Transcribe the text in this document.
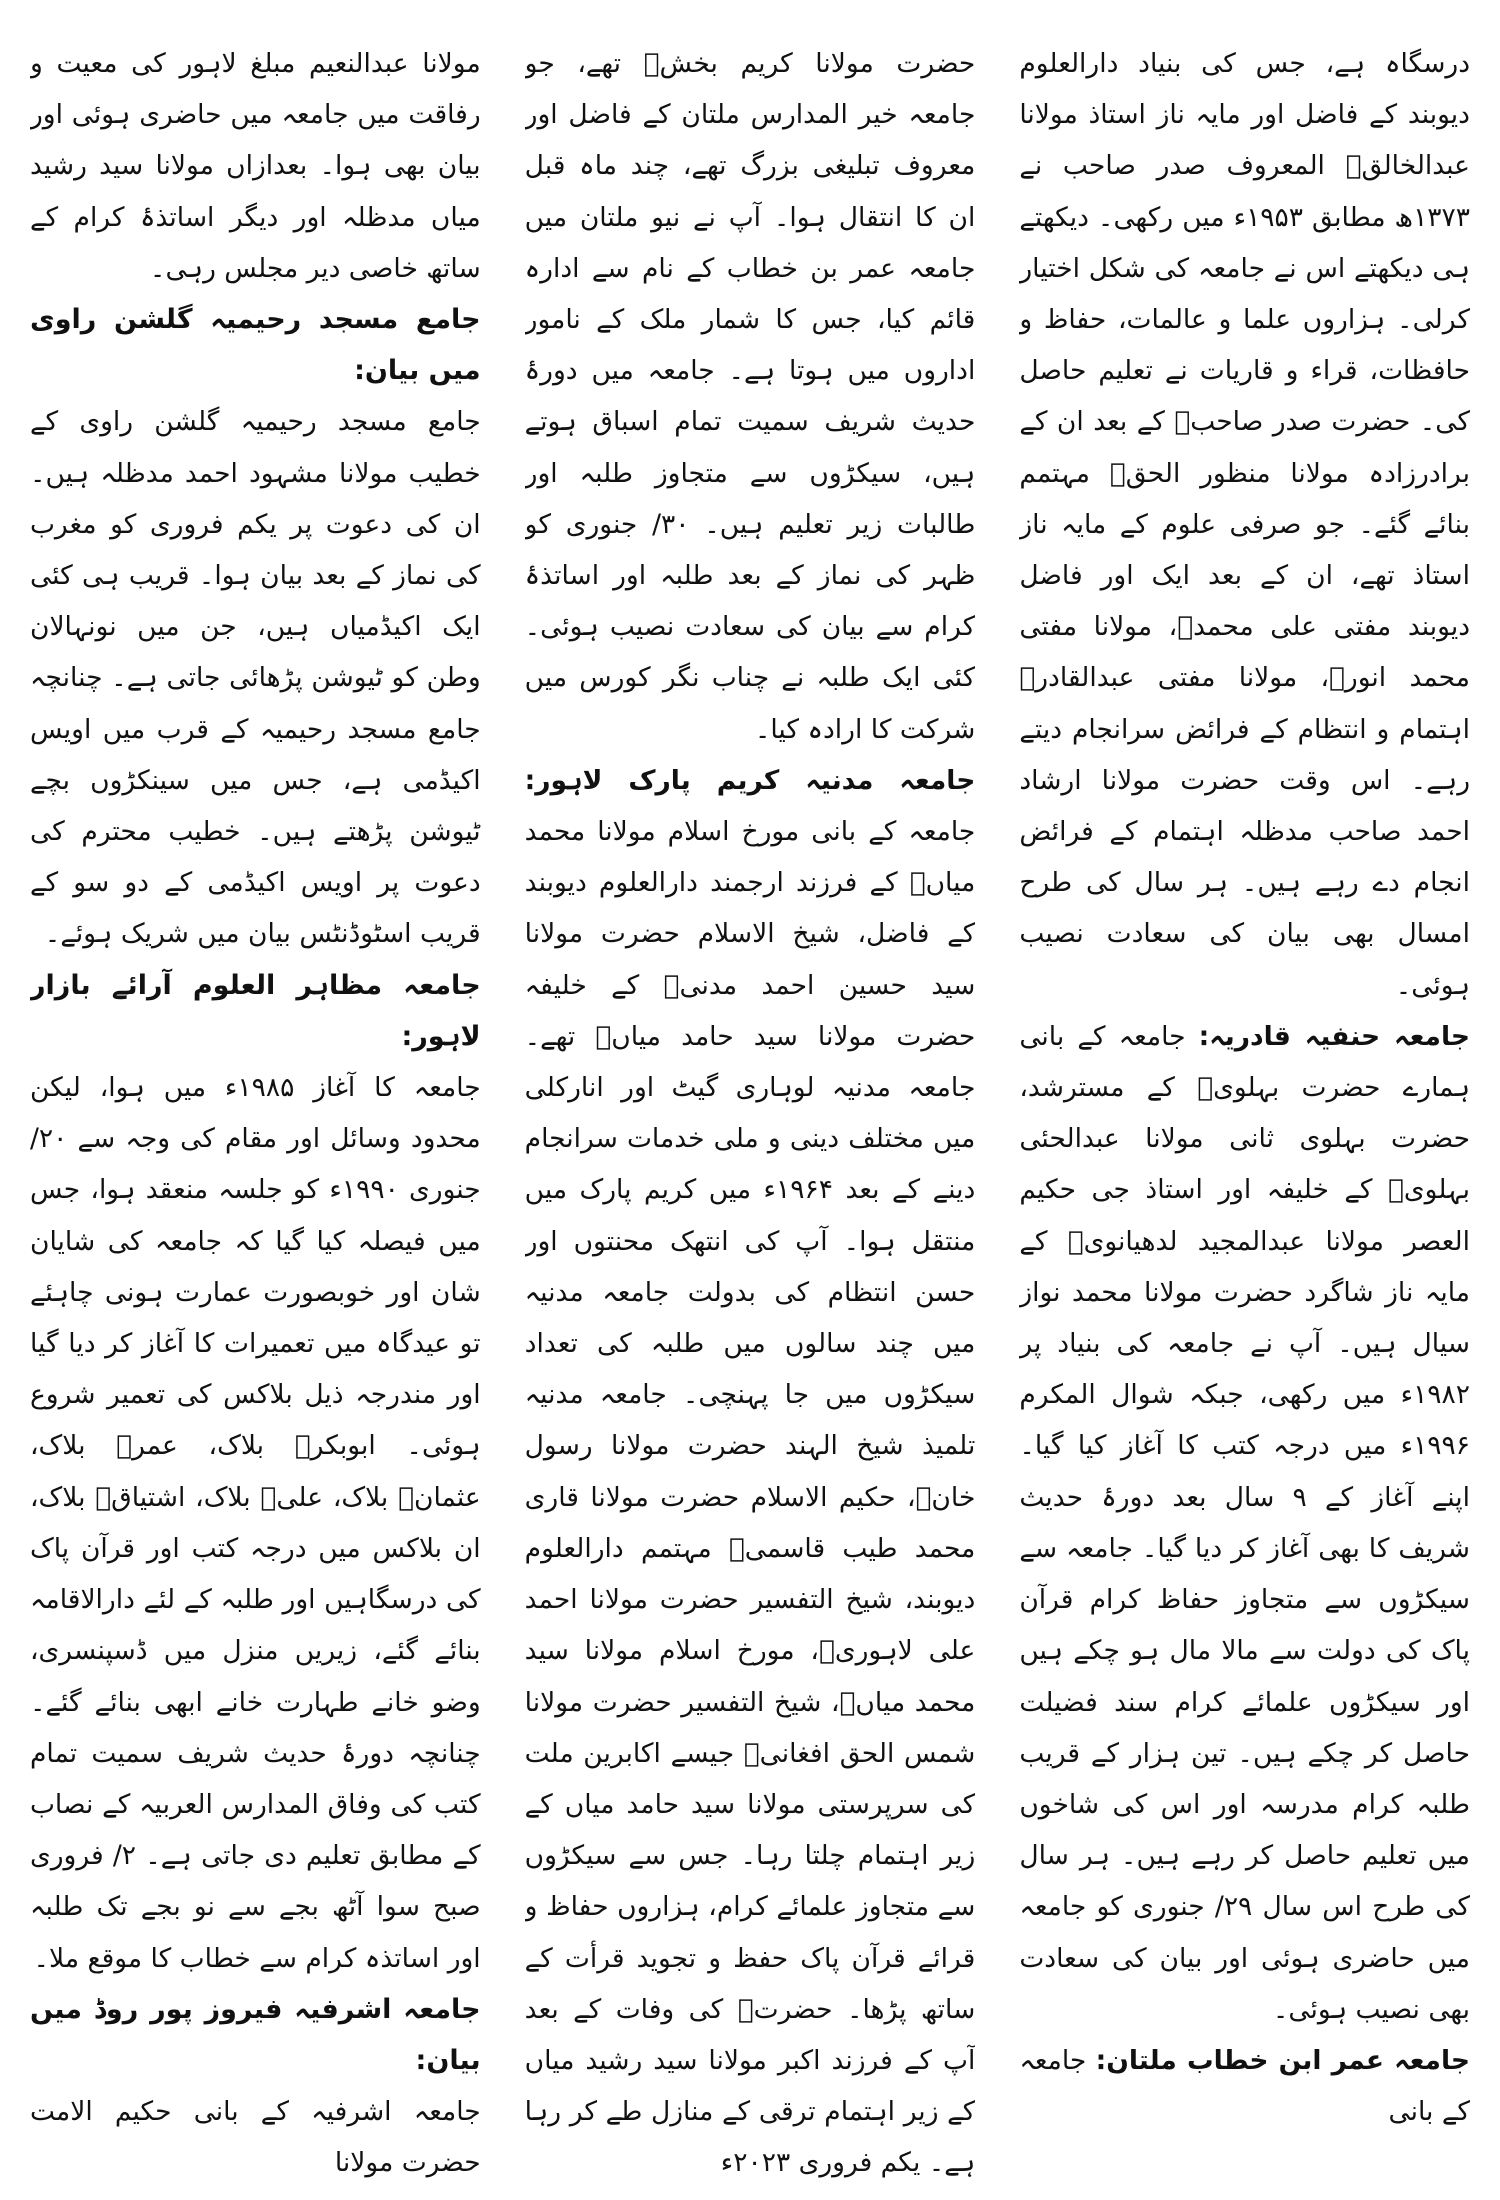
درسگاہ ہے، جس کی بنیاد دارالعلوم دیوبند کے فاضل اور مایہ ناز استاذ مولانا عبدالخالقؒ المعروف صدر صاحب نے ۱۳۷۳ھ مطابق ۱۹۵۳ء میں رکھی۔ دیکھتے ہی دیکھتے اس نے جامعہ کی شکل اختیار کرلی۔ ہزاروں علما و عالمات، حفاظ و حافظات، قراء و قاریات نے تعلیم حاصل کی۔ حضرت صدر صاحبؒ کے بعد ان کے برادرزادہ مولانا منظور الحقؒ مہتمم بنائے گئے۔ جو صرفی علوم کے مایہ ناز استاذ تھے، ان کے بعد ایک اور فاضل دیوبند مفتی علی محمدؒ، مولانا مفتی محمد انورؒ، مولانا مفتی عبدالقادرؒ اہتمام و انتظام کے فرائض سرانجام دیتے رہے۔ اس وقت حضرت مولانا ارشاد احمد صاحب مدظلہ اہتمام کے فرائض انجام دے رہے ہیں۔ ہر سال کی طرح امسال بھی بیان کی سعادت نصیب ہوئی۔

جامعہ حنفیہ قادریہ: جامعہ کے بانی ہمارے حضرت بہلویؒ کے مسترشد، حضرت بہلوی ثانی مولانا عبدالحئی بہلویؒ کے خلیفہ اور استاذ جی حکیم العصر مولانا عبدالمجید لدھیانویؒ کے مایہ ناز شاگرد حضرت مولانا محمد نواز سیال ہیں۔ آپ نے جامعہ کی بنیاد پر ۱۹۸۲ء میں رکھی، جبکہ شوال المکرم ۱۹۹۶ء میں درجہ کتب کا آغاز کیا گیا۔ اپنے آغاز کے ۹ سال بعد دورۂ حدیث شریف کا بھی آغاز کر دیا گیا۔ جامعہ سے سیکڑوں سے متجاوز حفاظ کرام قرآن پاک کی دولت سے مالا مال ہو چکے ہیں اور سیکڑوں علمائے کرام سند فضیلت حاصل کر چکے ہیں۔ تین ہزار کے قریب طلبہ کرام مدرسہ اور اس کی شاخوں میں تعلیم حاصل کر رہے ہیں۔ ہر سال کی طرح اس سال ۲۹/ جنوری کو جامعہ میں حاضری ہوئی اور بیان کی سعادت بھی نصیب ہوئی۔

جامعہ عمر ابن خطاب ملتان: جامعہ کے بانی

حضرت مولانا کریم بخشؒ تھے، جو جامعہ خیر المدارس ملتان کے فاضل اور معروف تبلیغی بزرگ تھے، چند ماہ قبل ان کا انتقال ہوا۔ آپ نے نیو ملتان میں جامعہ عمر بن خطاب کے نام سے ادارہ قائم کیا، جس کا شمار ملک کے نامور اداروں میں ہوتا ہے۔ جامعہ میں دورۂ حدیث شریف سمیت تمام اسباق ہوتے ہیں، سیکڑوں سے متجاوز طلبہ اور طالبات زیر تعلیم ہیں۔ ۳۰/ جنوری کو ظہر کی نماز کے بعد طلبہ اور اساتذۂ کرام سے بیان کی سعادت نصیب ہوئی۔ کئی ایک طلبہ نے چناب نگر کورس میں شرکت کا ارادہ کیا۔

جامعہ مدنیہ کریم پارک لاہور: جامعہ کے بانی مورخ اسلام مولانا محمد میاںؒ کے فرزند ارجمند دارالعلوم دیوبند کے فاضل، شیخ الاسلام حضرت مولانا سید حسین احمد مدنیؒ کے خلیفہ حضرت مولانا سید حامد میاںؒ تھے۔ جامعہ مدنیہ لوہاری گیٹ اور انارکلی میں مختلف دینی و ملی خدمات سرانجام دینے کے بعد ۱۹۶۴ء میں کریم پارک میں منتقل ہوا۔ آپ کی انتھک محنتوں اور حسن انتظام کی بدولت جامعہ مدنیہ میں چند سالوں میں طلبہ کی تعداد سیکڑوں میں جا پہنچی۔ جامعہ مدنیہ تلمیذ شیخ الہند حضرت مولانا رسول خانؒ، حکیم الاسلام حضرت مولانا قاری محمد طیب قاسمیؒ مہتمم دارالعلوم دیوبند، شیخ التفسیر حضرت مولانا احمد علی لاہوریؒ، مورخ اسلام مولانا سید محمد میاںؒ، شیخ التفسیر حضرت مولانا شمس الحق افغانیؒ جیسے اکابرین ملت کی سرپرستی مولانا سید حامد میاں کے زیر اہتمام چلتا رہا۔ جس سے سیکڑوں سے متجاوز علمائے کرام، ہزاروں حفاظ و قرائے قرآن پاک حفظ و تجوید قرأت کے ساتھ پڑھا۔ حضرتؒ کی وفات کے بعد آپ کے فرزند اکبر مولانا سید رشید میاں کے زیر اہتمام ترقی کے منازل طے کر رہا ہے۔ یکم فروری ۲۰۲۳ء

مولانا عبدالنعیم مبلغ لاہور کی معیت و رفاقت میں جامعہ میں حاضری ہوئی اور بیان بھی ہوا۔ بعدازاں مولانا سید رشید میاں مدظلہ اور دیگر اساتذۂ کرام کے ساتھ خاصی دیر مجلس رہی۔

جامع مسجد رحیمیہ گلشن راوی میں بیان:

جامع مسجد رحیمیہ گلشن راوی کے خطیب مولانا مشہود احمد مدظلہ ہیں۔ ان کی دعوت پر یکم فروری کو مغرب کی نماز کے بعد بیان ہوا۔ قریب ہی کئی ایک اکیڈمیاں ہیں، جن میں نونہالان وطن کو ٹیوشن پڑھائی جاتی ہے۔ چنانچہ جامع مسجد رحیمیہ کے قرب میں اویس اکیڈمی ہے، جس میں سینکڑوں بچے ٹیوشن پڑھتے ہیں۔ خطیب محترم کی دعوت پر اویس اکیڈمی کے دو سو کے قریب اسٹوڈنٹس بیان میں شریک ہوئے۔

جامعہ مظاہر العلوم آرائے بازار لاہور:

جامعہ کا آغاز ۱۹۸۵ء میں ہوا، لیکن محدود وسائل اور مقام کی وجہ سے ۲۰/ جنوری ۱۹۹۰ء کو جلسہ منعقد ہوا، جس میں فیصلہ کیا گیا کہ جامعہ کی شایان شان اور خوبصورت عمارت ہونی چاہئے تو عیدگاہ میں تعمیرات کا آغاز کر دیا گیا اور مندرجہ ذیل بلاکس کی تعمیر شروع ہوئی۔ ابوبکرؓ بلاک، عمرؓ بلاک، عثمانؓ بلاک، علیؓ بلاک، اشتیاقؒ بلاک، ان بلاکس میں درجہ کتب اور قرآن پاک کی درسگاہیں اور طلبہ کے لئے دارالاقامہ بنائے گئے، زیریں منزل میں ڈسپنسری، وضو خانے طہارت خانے ابھی بنائے گئے۔ چنانچہ دورۂ حدیث شریف سمیت تمام کتب کی وفاق المدارس العربیہ کے نصاب کے مطابق تعلیم دی جاتی ہے۔ ۲/ فروری صبح سوا آٹھ بجے سے نو بجے تک طلبہ اور اساتذہ کرام سے خطاب کا موقع ملا۔

جامعہ اشرفیہ فیروز پور روڈ میں بیان:

جامعہ اشرفیہ کے بانی حکیم الامت حضرت مولانا
